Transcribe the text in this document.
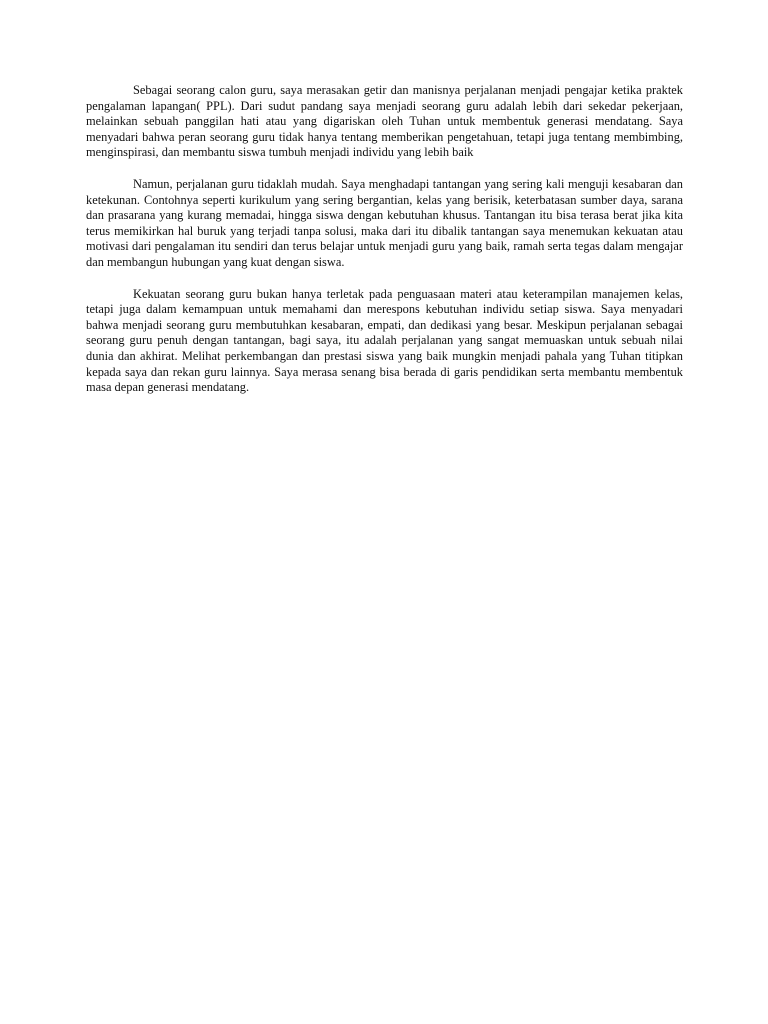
Sebagai seorang calon guru, saya merasakan getir dan manisnya perjalanan menjadi pengajar ketika praktek pengalaman lapangan( PPL). Dari sudut pandang saya menjadi seorang guru adalah lebih dari sekedar pekerjaan, melainkan sebuah panggilan hati atau yang digariskan oleh Tuhan untuk membentuk generasi mendatang. Saya menyadari bahwa peran seorang guru tidak hanya tentang memberikan pengetahuan, tetapi juga tentang membimbing, menginspirasi, dan membantu siswa tumbuh menjadi individu yang lebih baik

Namun, perjalanan guru tidaklah mudah. Saya menghadapi tantangan yang sering kali menguji kesabaran dan ketekunan. Contohnya seperti kurikulum yang sering bergantian, kelas yang berisik, keterbatasan sumber daya, sarana dan prasarana yang kurang memadai, hingga siswa dengan kebutuhan khusus. Tantangan itu bisa terasa berat jika kita terus memikirkan hal buruk yang terjadi tanpa solusi, maka dari itu dibalik tantangan saya menemukan kekuatan atau motivasi dari pengalaman itu sendiri dan terus belajar untuk menjadi guru yang baik, ramah serta tegas dalam mengajar dan membangun hubungan yang kuat dengan siswa.

Kekuatan seorang guru bukan hanya terletak pada penguasaan materi atau keterampilan manajemen kelas, tetapi juga dalam kemampuan untuk memahami dan merespons kebutuhan individu setiap siswa. Saya menyadari bahwa menjadi seorang guru membutuhkan kesabaran, empati, dan dedikasi yang besar. Meskipun perjalanan sebagai seorang guru penuh dengan tantangan, bagi saya, itu adalah perjalanan yang sangat memuaskan untuk sebuah nilai dunia dan akhirat. Melihat perkembangan dan prestasi siswa yang baik mungkin menjadi pahala yang Tuhan titipkan kepada saya dan rekan guru lainnya. Saya merasa senang bisa berada di garis pendidikan serta membantu membentuk masa depan generasi mendatang.
